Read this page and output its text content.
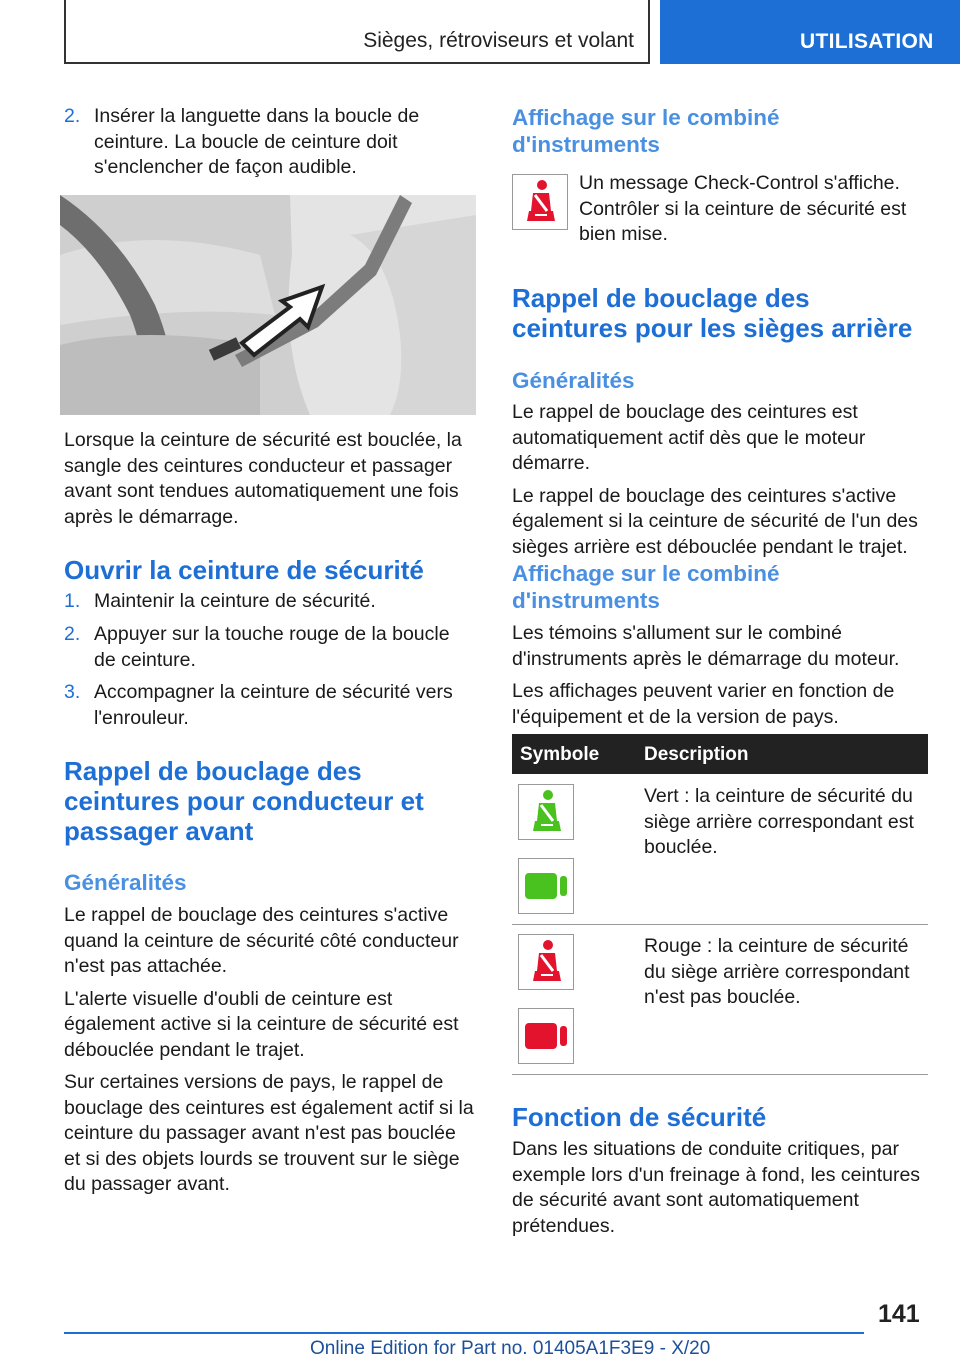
Sièges, rétroviseurs et volant	UTILISATION
2. Insérer la languette dans la boucle de ceinture. La boucle de ceinture doit s'enclencher de façon audible.

Lorsque la ceinture de sécurité est bouclée, la sangle des ceintures conducteur et passager avant sont tendues automatiquement une fois après le démarrage.

Ouvrir la ceinture de sécurité
1. Maintenir la ceinture de sécurité.
2. Appuyer sur la touche rouge de la boucle de ceinture.
3. Accompagner la ceinture de sécurité vers l'enrouleur.
Rappel de bouclage des ceintures pour conducteur et passager avant
Généralités

Le rappel de bouclage des ceintures s'active quand la ceinture de sécurité côté conducteur n'est pas attachée.

L'alerte visuelle d'oubli de ceinture est également active si la ceinture de sécurité est débouclée pendant le trajet.

Sur certaines versions de pays, le rappel de bouclage des ceintures est également actif si la ceinture du passager avant n'est pas bouclée et si des objets lourds se trouvent sur le siège du passager avant.

Affichage sur le combiné d'instruments

Un message Check-Control s'affiche. Contrôler si la ceinture de sécurité est bien mise.

Rappel de bouclage des ceintures pour les sièges arrière
Généralités

Le rappel de bouclage des ceintures est automatiquement actif dès que le moteur démarre.

Le rappel de bouclage des ceintures s'active également si la ceinture de sécurité de l'un des sièges arrière est débouclée pendant le trajet.

Affichage sur le combiné d'instruments

Les témoins s'allument sur le combiné d'instruments après le démarrage du moteur.

Les affichages peuvent varier en fonction de l'équipement et de la version de pays.

Symbole Description

Vert : la ceinture de sécurité du siège arrière correspondant est bouclée.

Rouge : la ceinture de sécurité du siège arrière correspondant n'est pas bouclée.

Fonction de sécurité

Dans les situations de conduite critiques, par exemple lors d'un freinage à fond, les ceintures de sécurité avant sont automatiquement prétendues.

141
Online Edition for Part no. 01405A1F3E9 - X/20
